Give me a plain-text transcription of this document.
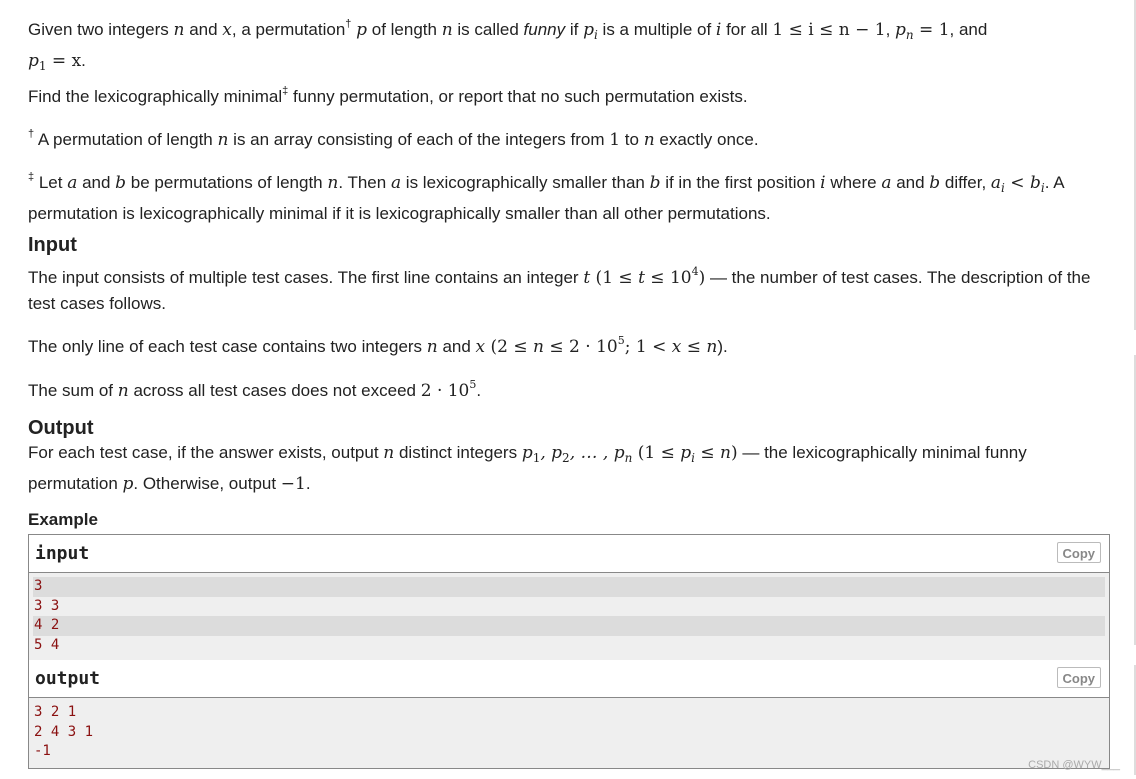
Given two integers n and x, a permutation† p of length n is called funny if $p_i$ is a multiple of i for all 1 ≤ i ≤ n − 1, $p_n = 1$, and
$p_1 = x$.
Find the lexicographically minimal‡ funny permutation, or report that no such permutation exists.
† A permutation of length n is an array consisting of each of the integers from 1 to n exactly once.
‡ Let a and b be permutations of length n. Then a is lexicographically smaller than b if in the first position i where a and b differ, $a_i < b_i$. A permutation is lexicographically minimal if it is lexicographically smaller than all other permutations.
Input
The input consists of multiple test cases. The first line contains an integer t $(1 \le t \le 10^4)$ — the number of test cases. The description of the test cases follows.
The only line of each test case contains two integers n and x ($2 \le n \le 2 \cdot 10^5$; 1 < x ≤ n).
The sum of n across all test cases does not exceed $2 \cdot 10^5$.
Output
For each test case, if the answer exists, output n distinct integers $p_1$, $p_2$, … , $p_n$ $(1 \le p_i \le n)$ — the lexicographically minimal funny permutation p. Otherwise, output −1.
Example
input	Copy
3
3 3
4 2
5 4
output	Copy
3 2 1
2 4 3 1
-1
CSDN @WYW___
